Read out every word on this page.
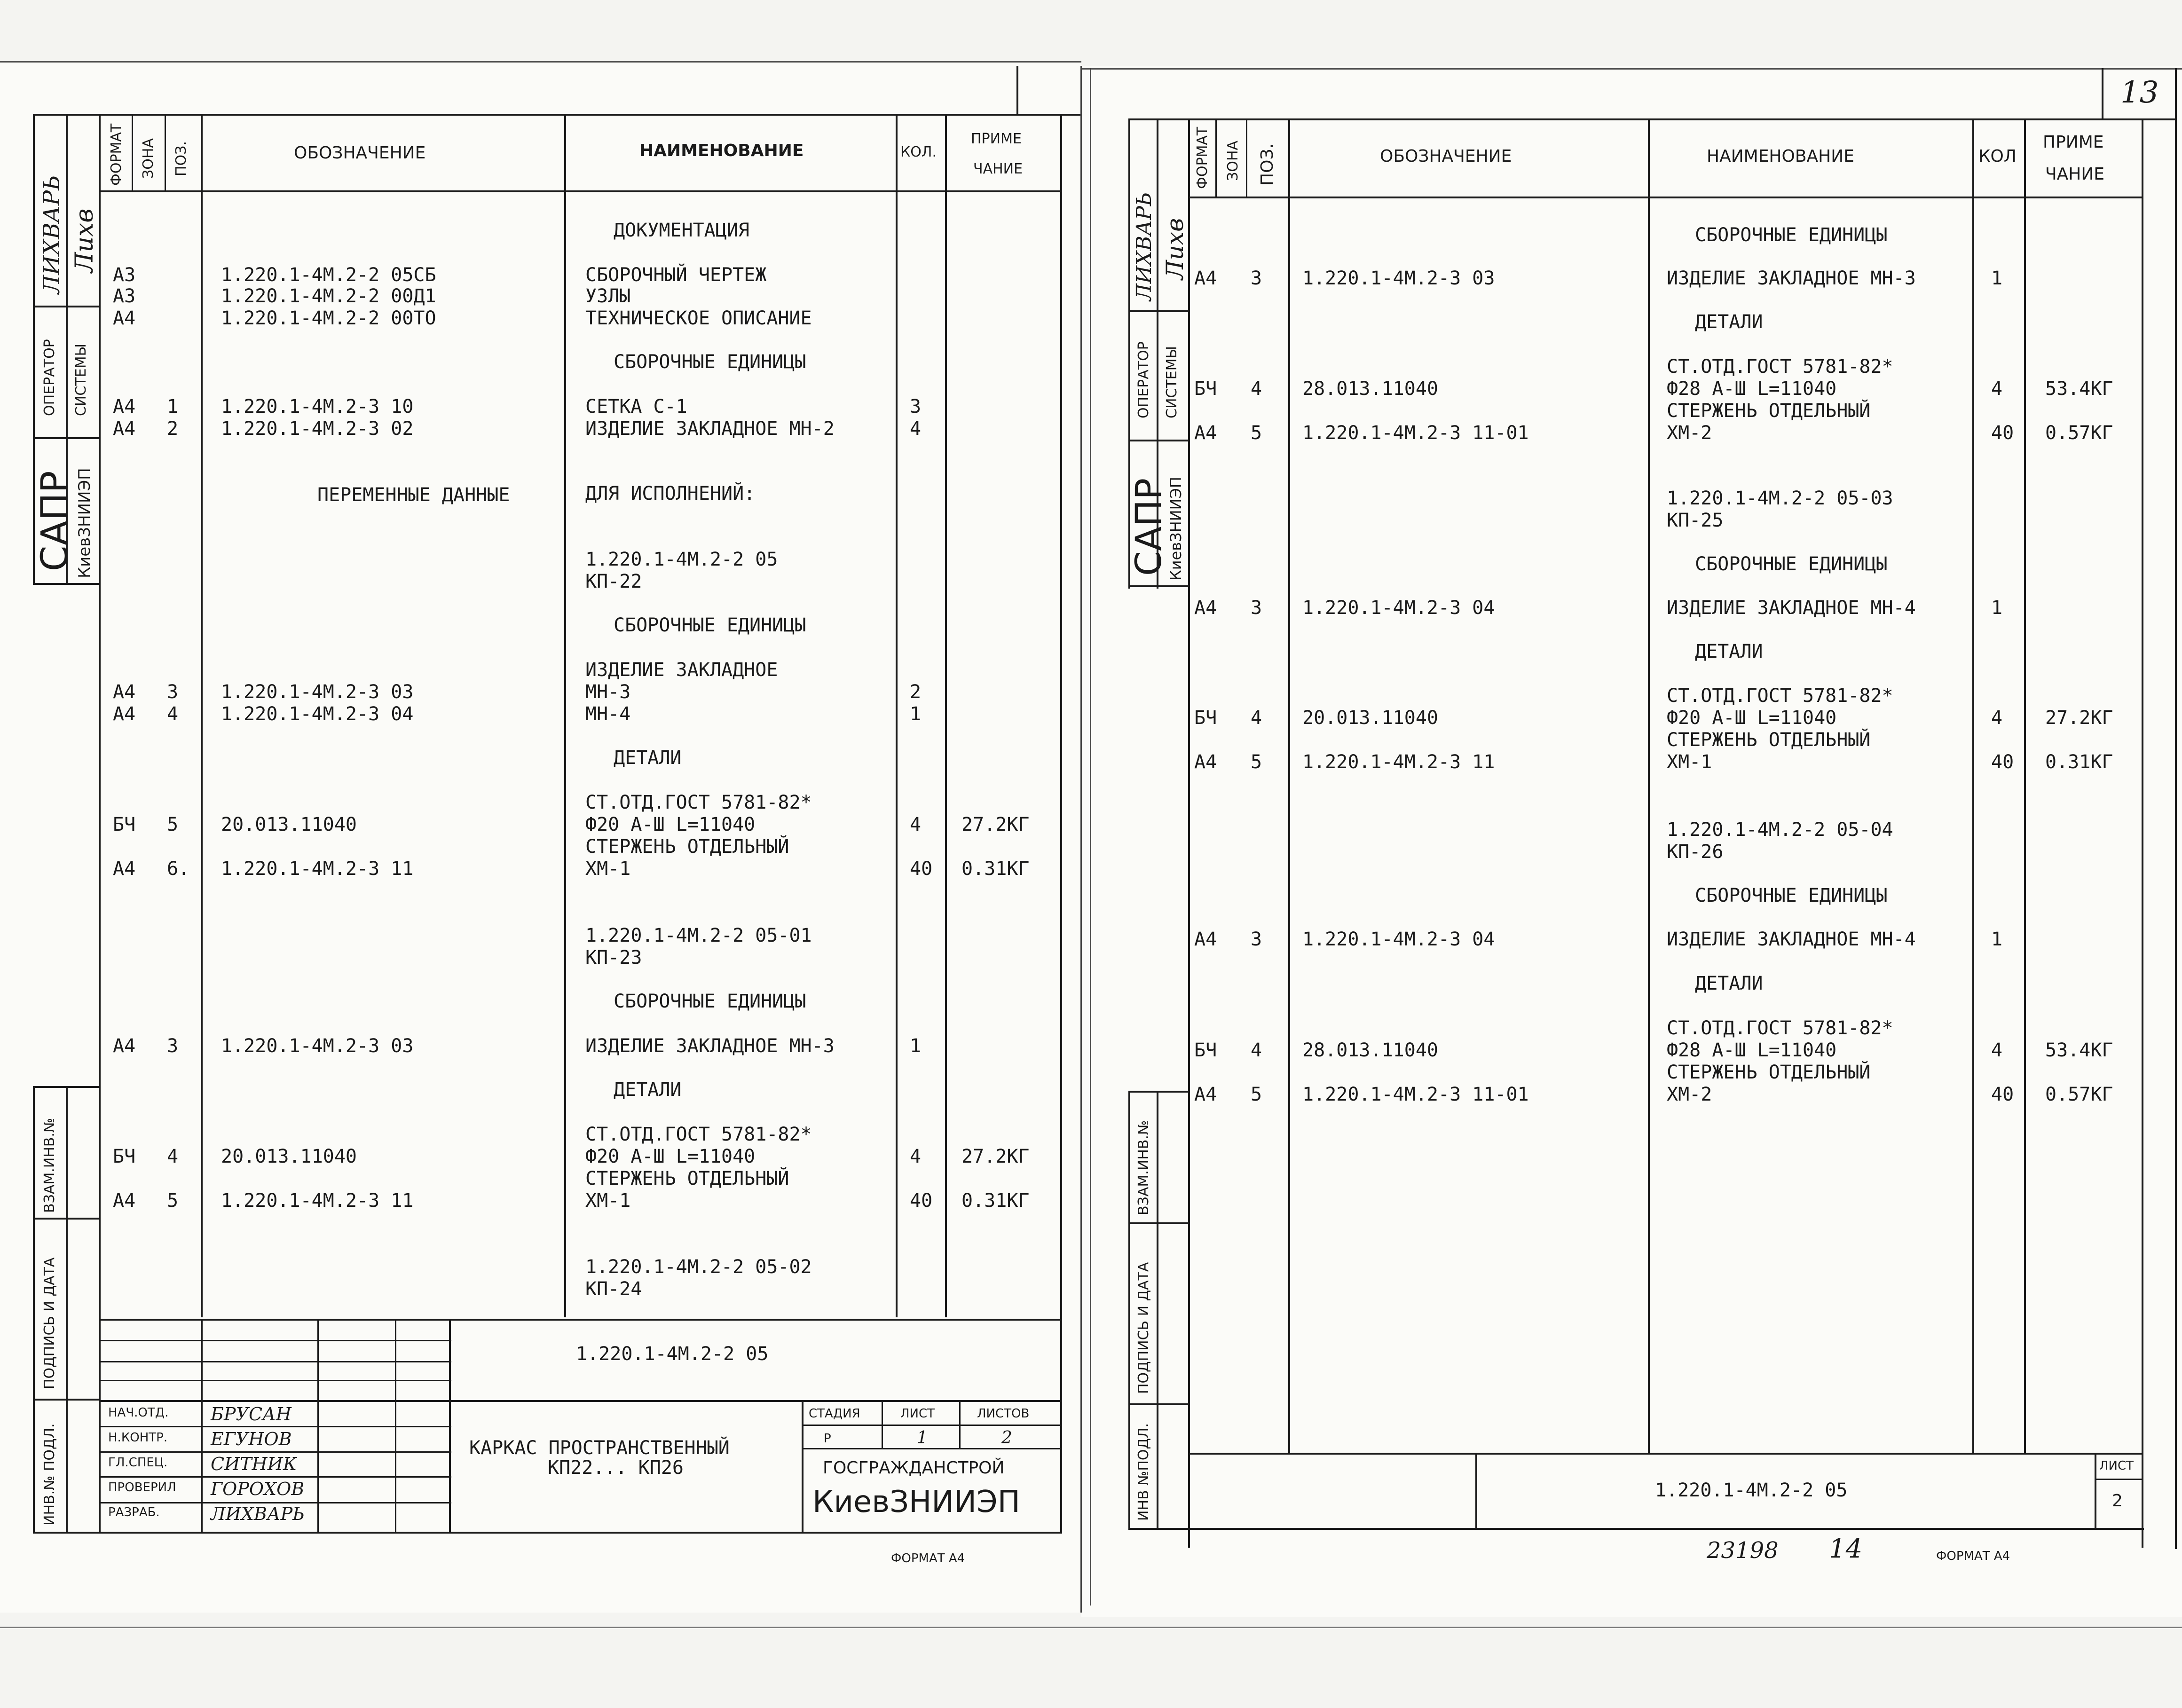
ФОРМАТ ЗОНА ПОЗ.	ОБОЗНАЧЕНИЕ	НАИМЕНОВАНИЕ	КОЛ.
ПРИМЕ
ЧАНИЕ
ЛИХВАРЬ Лихв
ОПЕРАТОР СИСТЕМЫ
САПР
КиевЗНИИЭП
ВЗАМ.ИНВ.№
ПОДПИСЬ И ДАТА
ИНВ.№ ПОДЛ.
ДОКУМЕНТАЦИЯ
А3	1.220.1-4М.2-2 05СБ	СБОРОЧНЫЙ ЧЕРТЕЖ
А3	1.220.1-4М.2-2 00Д1	УЗЛЫ
А4	1.220.1-4М.2-2 00ТО	ТЕХНИЧЕСКОЕ ОПИСАНИЕ
СБОРОЧНЫЕ ЕДИНИЦЫ
А4 1 1.220.1-4М.2-3 10	СЕТКА С-1	3
А4 2 1.220.1-4М.2-3 02	ИЗДЕЛИЕ ЗАКЛАДНОЕ МН-2	4
ДЛЯ ИСПОЛНЕНИЙ:
1.220.1-4М.2-2 05
КП-22
СБОРОЧНЫЕ ЕДИНИЦЫ
ИЗДЕЛИЕ ЗАКЛАДНОЕ
А4 3 1.220.1-4М.2-3 03	МН-3	2
А4 4 1.220.1-4М.2-3 04	МН-4	1
ДЕТАЛИ
СТ.ОТД.ГОСТ 5781-82*
БЧ 5 20.013.11040	Ф20 А-Ш L=11040	4 27.2КГ
СТЕРЖЕНЬ ОТДЕЛЬНЫЙ
А4 6. 1.220.1-4М.2-3 11	ХМ-1	40 0.31КГ
1.220.1-4М.2-2 05-01
КП-23
СБОРОЧНЫЕ ЕДИНИЦЫ
А4 3 1.220.1-4М.2-3 03	ИЗДЕЛИЕ ЗАКЛАДНОЕ МН-3	1
ДЕТАЛИ
СТ.ОТД.ГОСТ 5781-82*
БЧ 4 20.013.11040	Ф20 А-Ш L=11040	4 27.2КГ
СТЕРЖЕНЬ ОТДЕЛЬНЫЙ
А4 5 1.220.1-4М.2-3 11	ХМ-1	40 0.31КГ
1.220.1-4М.2-2 05-02
КП-24
ПЕРЕМЕННЫЕ ДАННЫЕ
1.220.1-4М.2-2 05
НАЧ.ОТД. БРУСАН
Н.КОНТР. ЕГУНОВ
ГЛ.СПЕЦ. СИТНИК
ПРОВЕРИЛ ГОРОХОВ
РАЗРАБ.	ЛИХВАРЬ
КАРКАС ПРОСТРАНСТВЕННЫЙ
КП22... КП26
СТАДИЯ	ЛИСТ	ЛИСТОВ
Р	1	2
ГОСГРАЖДАНСТРОЙ
КиевЗНИИЭП
ФОРМАТ А4
ФОРМАТ ЗОНА ПОЗ.	ОБОЗНАЧЕНИЕ	НАИМЕНОВАНИЕ	КОЛ
ПРИМЕ
ЧАНИЕ
ЛИХВАРЬ Лихв
ОПЕРАТОР СИСТЕМЫ
САПР
КиевЗНИИЭП
ВЗАМ.ИНВ.№
ПОДПИСЬ И ДАТА
ИНВ №ПОДЛ.
СБОРОЧНЫЕ ЕДИНИЦЫ
А4 3 1.220.1-4М.2-3 03	ИЗДЕЛИЕ ЗАКЛАДНОЕ МН-3	1
ДЕТАЛИ
СТ.ОТД.ГОСТ 5781-82*
БЧ 4 28.013.11040	Ф28 А-Ш L=11040	4 53.4КГ
СТЕРЖЕНЬ ОТДЕЛЬНЫЙ
А4 5 1.220.1-4М.2-3 11-01	ХМ-2	40 0.57КГ
1.220.1-4М.2-2 05-03
КП-25
СБОРОЧНЫЕ ЕДИНИЦЫ
А4 3 1.220.1-4М.2-3 04	ИЗДЕЛИЕ ЗАКЛАДНОЕ МН-4	1
ДЕТАЛИ
СТ.ОТД.ГОСТ 5781-82*
БЧ 4 20.013.11040	Ф20 А-Ш L=11040	4 27.2КГ
СТЕРЖЕНЬ ОТДЕЛЬНЫЙ
А4 5 1.220.1-4М.2-3 11	ХМ-1	40 0.31КГ
1.220.1-4М.2-2 05-04
КП-26
СБОРОЧНЫЕ ЕДИНИЦЫ
А4 3 1.220.1-4М.2-3 04	ИЗДЕЛИЕ ЗАКЛАДНОЕ МН-4	1
ДЕТАЛИ
СТ.ОТД.ГОСТ 5781-82*
БЧ 4 28.013.11040	Ф28 А-Ш L=11040	4 53.4КГ
СТЕРЖЕНЬ ОТДЕЛЬНЫЙ
А4 5 1.220.1-4М.2-3 11-01	ХМ-2	40 0.57КГ
1.220.1-4М.2-2 05
ЛИСТ
2
23198 14	ФОРМАТ А4
13
